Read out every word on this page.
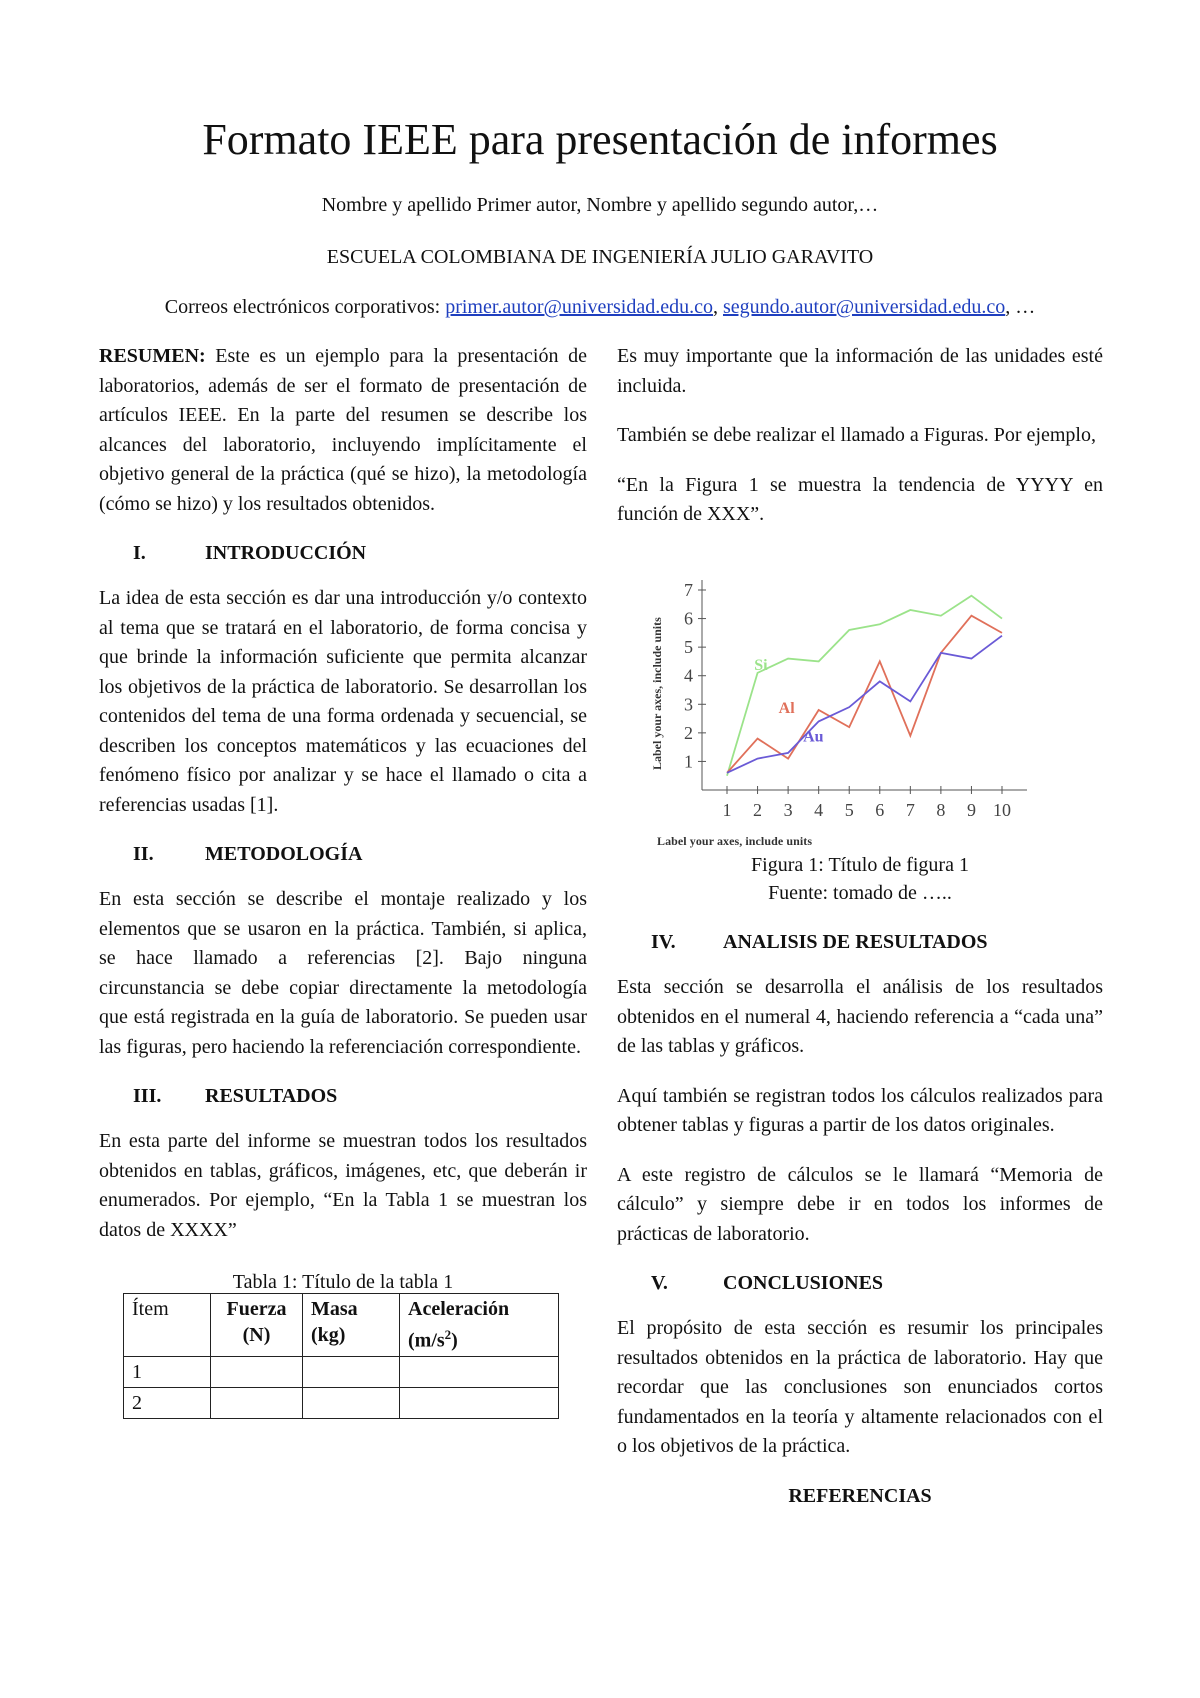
Formato IEEE para presentación de informes
Nombre y apellido Primer autor, Nombre y apellido segundo autor,…
ESCUELA COLOMBIANA DE INGENIERÍA JULIO GARAVITO
Correos electrónicos corporativos: primer.autor@universidad.edu.co, segundo.autor@universidad.edu.co, …

RESUMEN: Este es un ejemplo para la presentación de laboratorios, además de ser el formato de presentación de artículos IEEE. En la parte del resumen se describe los alcances del laboratorio, incluyendo implícitamente el objetivo general de la práctica (qué se hizo), la metodología (cómo se hizo) y los resultados obtenidos.

I.	INTRODUCCIÓN

La idea de esta sección es dar una introducción y/o contexto al tema que se tratará en el laboratorio, de forma concisa y que brinde la información suficiente que permita alcanzar los objetivos de la práctica de laboratorio. Se desarrollan los contenidos del tema de una forma ordenada y secuencial, se describen los conceptos matemáticos y las ecuaciones del fenómeno físico por analizar y se hace el llamado o cita a referencias usadas [1].

II.	METODOLOGÍA

En esta sección se describe el montaje realizado y los elementos que se usaron en la práctica. También, si aplica, se hace llamado a referencias [2]. Bajo ninguna circunstancia se debe copiar directamente la metodología que está registrada en la guía de laboratorio. Se pueden usar las figuras, pero haciendo la referenciación correspondiente.

III. RESULTADOS

En esta parte del informe se muestran todos los resultados obtenidos en tablas, gráficos, imágenes, etc, que deberán ir enumerados. Por ejemplo, “En la Tabla 1 se muestran los datos de XXXX”

Tabla 1: Título de la tabla 1
Ítem	Fuerza (N)	Masa (kg)	Aceleración
$(m/s^2)$
1			
2			

Es muy importante que la información de las unidades esté incluida.

También se debe realizar el llamado a Figuras. Por ejemplo,

“En la Figura 1 se muestra la tendencia de YYYY en función de XXX”.

Label your axes, include units
Label your axes, include units 1
2
3
4
5
6
7
1 2 3 4 5 6 7 8 9 10
Si
Al
Au
Figura 1: Título de figura 1
Fuente: tomado de …..
IV. ANALISIS DE RESULTADOS

Esta sección se desarrolla el análisis de los resultados obtenidos en el numeral 4, haciendo referencia a “cada una” de las tablas y gráficos.

Aquí también se registran todos los cálculos realizados para obtener tablas y figuras a partir de los datos originales.

A este registro de cálculos se le llamará “Memoria de cálculo” y siempre debe ir en todos los informes de prácticas de laboratorio.

V.	CONCLUSIONES

El propósito de esta sección es resumir los principales resultados obtenidos en la práctica de laboratorio. Hay que recordar que las conclusiones son enunciados cortos fundamentados en la teoría y altamente relacionados con el o los objetivos de la práctica.

REFERENCIAS
